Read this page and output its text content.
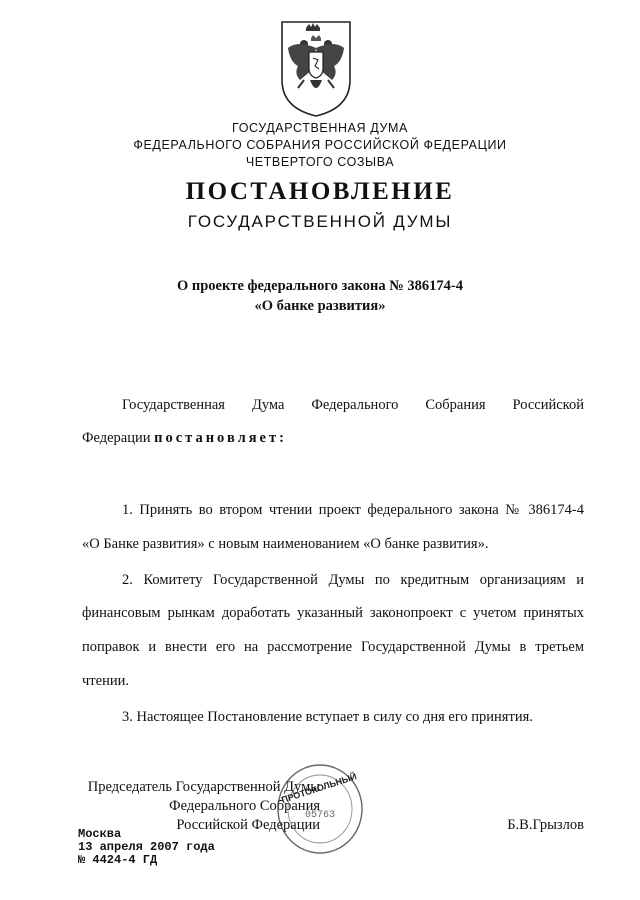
ГОСУДАРСТВЕННАЯ ДУМА
ФЕДЕРАЛЬНОГО СОБРАНИЯ РОССИЙСКОЙ ФЕДЕРАЦИИ
ЧЕТВЕРТОГО СОЗЫВА
ПОСТАНОВЛЕНИЕ
ГОСУДАРСТВЕННОЙ ДУМЫ
О проекте федерального закона № 386174-4
«О банке развития»
Государственная Дума Федерального Собрания Российской
Федерации постановляет:
1. Принять во втором чтении проект федерального закона № 386174-4
«О Банке развития» с новым наименованием «О банке развития».
2. Комитету Государственной Думы по кредитным организациям и
финансовым рынкам доработать указанный законопроект с учетом принятых
поправок и внести его на рассмотрение Государственной Думы в третьем
чтении.
3. Настоящее Постановление вступает в силу со дня его принятия.
Председатель Государственной Думы
Федерального Собрания
Российской Федерации	Б.В.Грызлов
ПРОТОКОЛЬНЫЙ
05763
Москва
13 апреля 2007 года
№ 4424-4 ГД
